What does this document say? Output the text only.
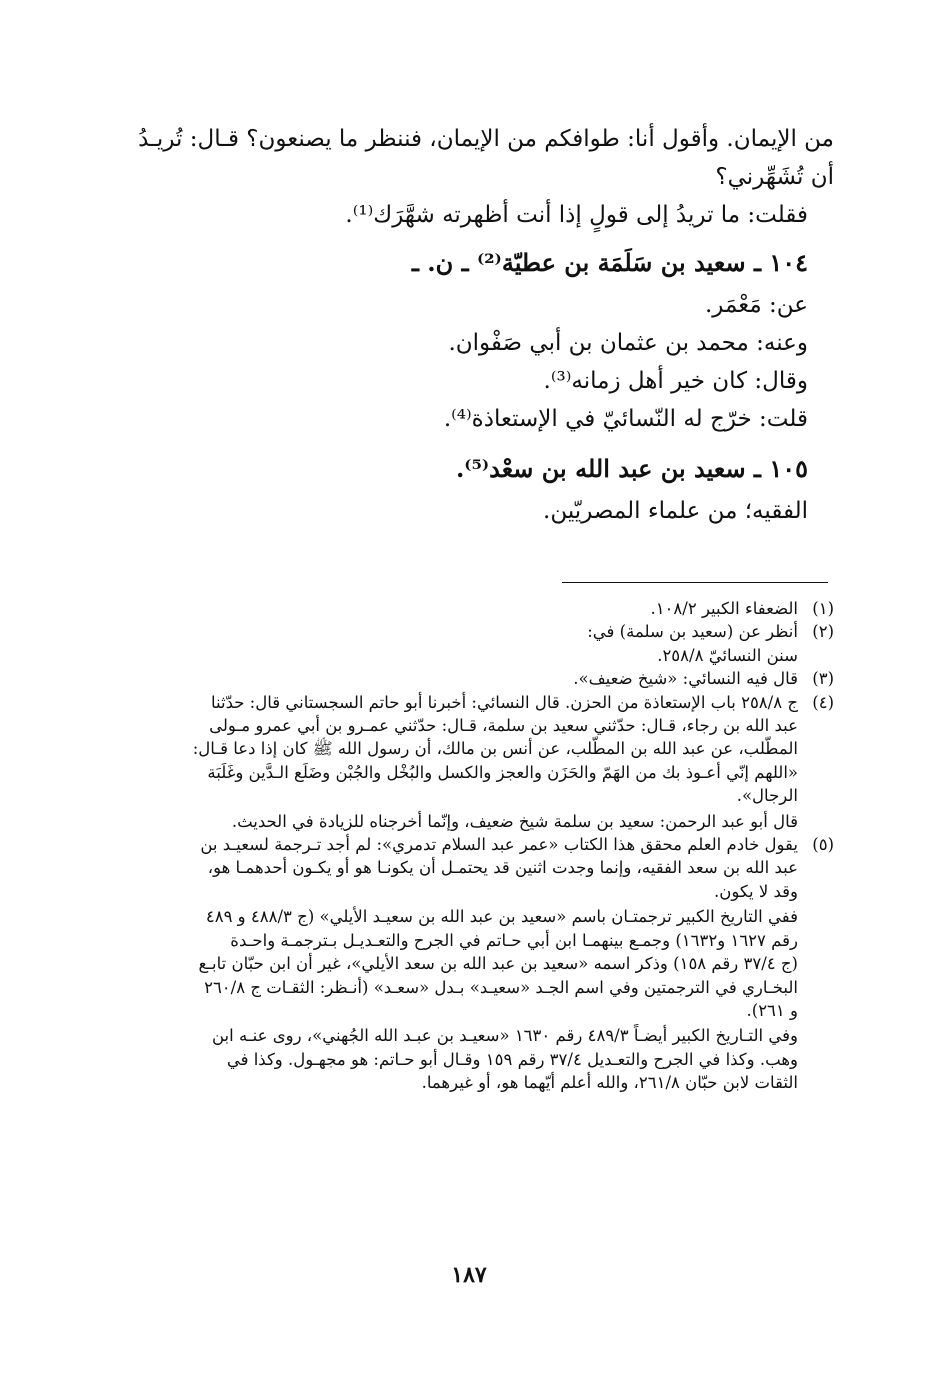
من الإيمان. وأقول أنا: طوافكم من الإيمان، فننظر ما يصنعون؟ قـال: تُريـدُ
أن تُشَهِّرني؟
فقلت: ما تريدُ إلى قولٍ إذا أنت أظهرته شهَّرَك⁽¹⁾.
١٠٤ ـ سعيد بن سَلَمَة بن عطيّة⁽²⁾ ـ ن. ـ
عن: مَعْمَر.
وعنه: محمد بن عثمان بن أبي صَفْوان.
وقال: كان خير أهل زمانه⁽³⁾.
قلت: خرّج له النّسائيّ في الإستعاذة⁽⁴⁾.
١٠٥ ـ سعيد بن عبد الله بن سعْد⁽⁵⁾.
الفقيه؛ من علماء المصريّين.
(١)
الضعفاء الكبير ١٠٨/٢.
(٢)
أنظر عن (سعيد بن سلمة) في:
سنن النسائيّ ٢٥٨/٨.
(٣)
قال فيه النسائي: «شيخ ضعيف».
(٤)
ج ٢٥٨/٨ باب الإستعاذة من الحزن. قال النسائي: أخبرنا أبو حاتم السجستاني قال: حدّثنا
عبد الله بن رجاء، قـال: حدّثني سعيد بن سلمة، قـال: حدّثني عمـرو بن أبي عمرو مـولى
المطّلب، عن عبد الله بن المطّلب، عن أنس بن مالك، أن رسول الله ﷺ كان إذا دعا قـال:
«اللهم إنّي أعـوذ بك من الهَمّ والحَزَن والعجز والكسل والبُخْل والجُبْن وضَلَع الـدَّين وغَلَبَة
الرجال».
قال أبو عبد الرحمن: سعيد بن سلمة شيخ ضعيف، وإنّما أخرجناه للزيادة في الحديث.
(٥)
يقول خادم العلم محقق هذا الكتاب «عمر عبد السلام تدمري»: لم أجد تـرجمة لسعيـد بن
عبد الله بن سعد الفقيه، وإنما وجدت اثنين قد يحتمـل أن يكونـا هو أو يكـون أحدهمـا هو،
وقد لا يكون.
ففي التاريخ الكبير ترجمتـان باسم «سعيد بن عبد الله بن سعيـد الأيلي» (ج ٤٨٨/٣ و ٤٨٩
رقم ١٦٢٧ و١٦٣٢) وجمـع بينهمـا ابن أبي حـاتم في الجرح والتعـديـل بـترجمـة واحـدة
(ج ٣٧/٤ رقم ١٥٨) وذكر اسمه «سعيد بن عبد الله بن سعد الأيلي»، غير أن ابن حبّان تابـع
البخـاري في الترجمتين وفي اسم الجـد «سعيـد» بـدل «سعـد» (أنـظر: الثقـات ج ٢٦٠/٨
و ٢٦١).
وفي التـاريخ الكبير أيضـاً ٤٨٩/٣ رقم ١٦٣٠ «سعيـد بن عبـد الله الجُهني»، روى عنـه ابن
وهب. وكذا في الجرح والتعـديل ٣٧/٤ رقم ١٥٩ وقـال أبو حـاتم: هو مجهـول. وكذا في
الثقات لابن حبّان ٢٦١/٨، والله أعلم أيّهما هو، أو غيرهما.
١٨٧
